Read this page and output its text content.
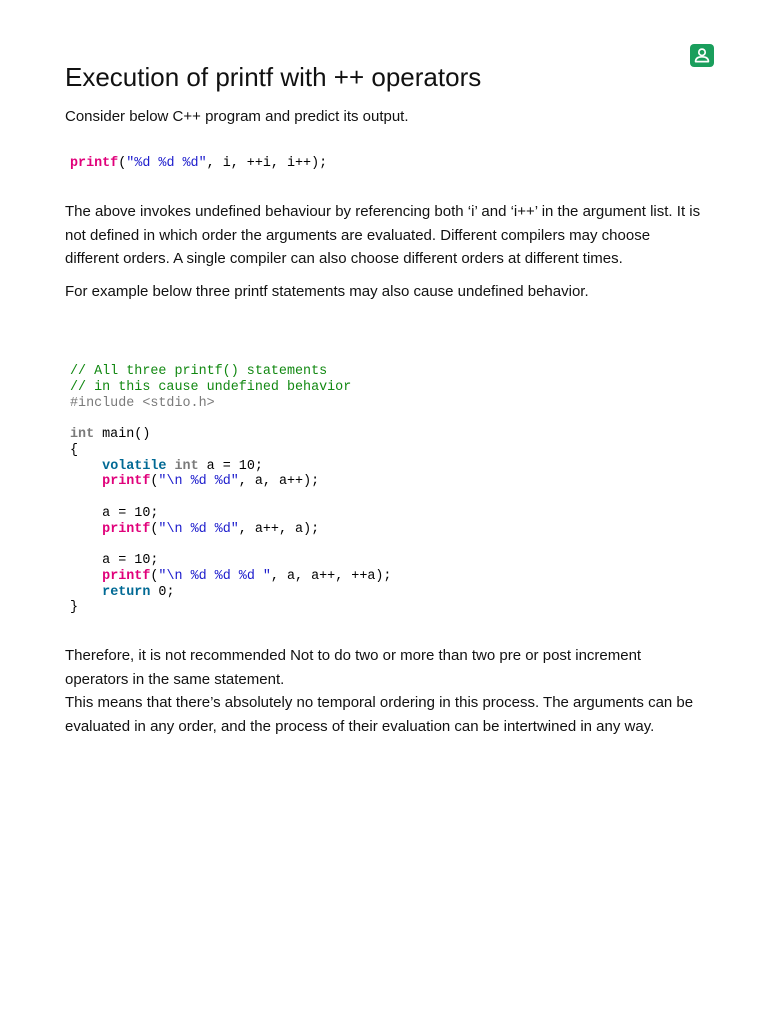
Execution of printf with ++ operators

Consider below C++ program and predict its output.

printf("%d %d %d", i, ++i, i++);
The above invokes undefined behaviour by referencing both ‘i’ and ‘i++’ in the argument list. It is
not defined in which order the arguments are evaluated. Different compilers may choose
different orders. A single compiler can also choose different orders at different times.

For example below three printf statements may also cause undefined behavior.

// All three printf() statements
// in this cause undefined behavior
#include <stdio.h>
int main()
{
volatile int a = 10;
printf("\n %d %d", a, a++);
a = 10;
printf("\n %d %d", a++, a);
a = 10;
printf("\n %d %d %d ", a, a++, ++a);
return 0;
}
Therefore, it is not recommended Not to do two or more than two pre or post increment
operators in the same statement.
This means that there’s absolutely no temporal ordering in this process. The arguments can be
evaluated in any order, and the process of their evaluation can be intertwined in any way.
